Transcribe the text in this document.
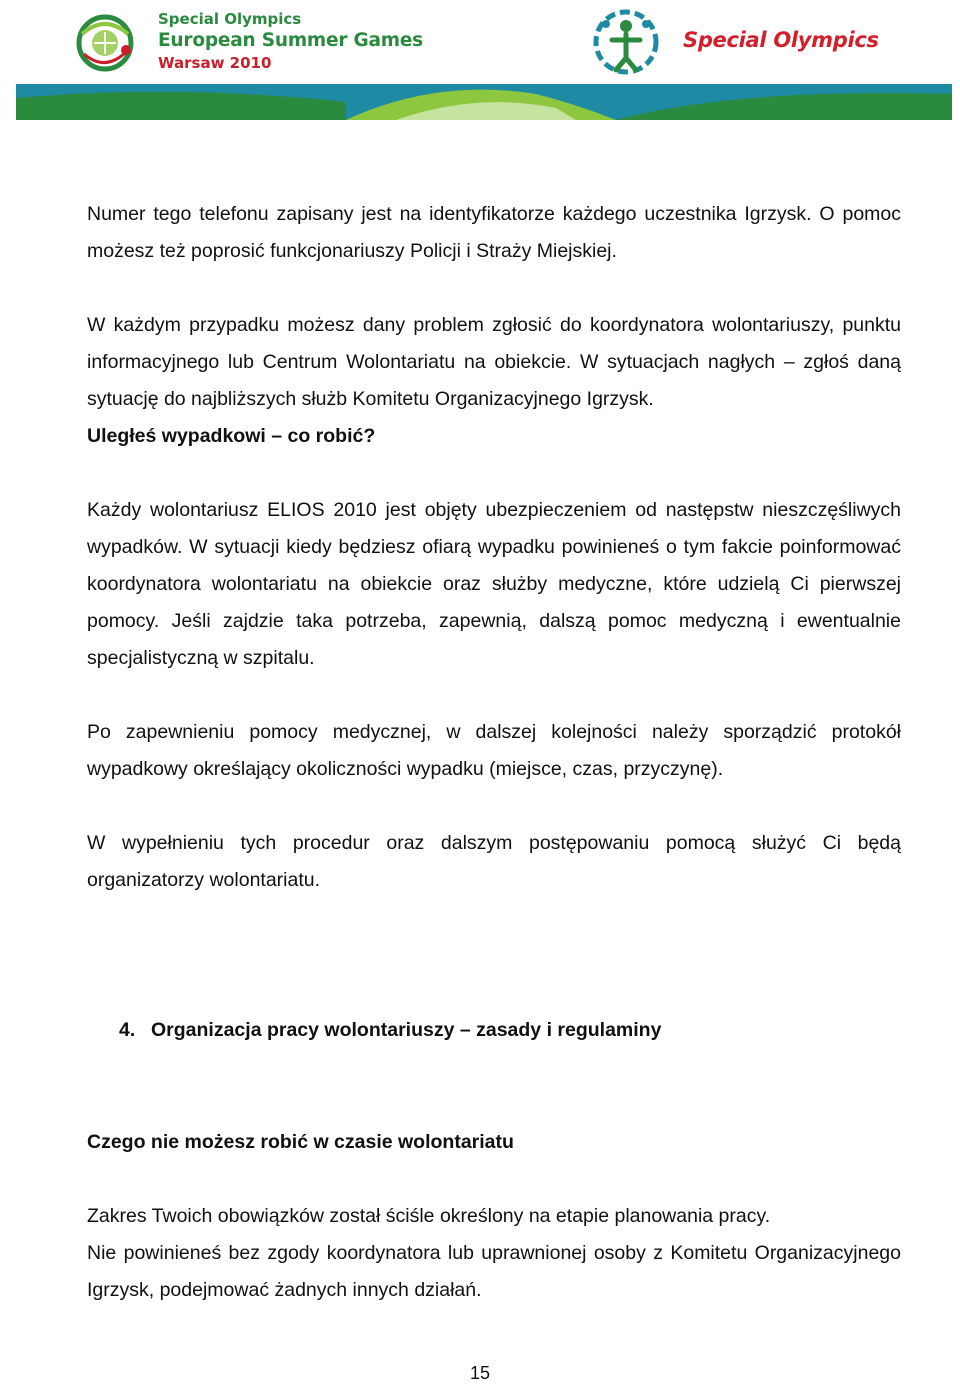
Special Olympics
European Summer Games
Warsaw 2010
Special Olympics

Numer tego telefonu zapisany jest na identyfikatorze każdego uczestnika Igrzysk. O pomoc możesz też poprosić funkcjonariuszy Policji i Straży Miejskiej.

W każdym przypadku możesz dany problem zgłosić do koordynatora wolontariuszy, punktu informacyjnego lub Centrum Wolontariatu na obiekcie. W sytuacjach nagłych – zgłoś daną sytuację do najbliższych służb Komitetu Organizacyjnego Igrzysk.

Uległeś wypadkowi – co robić?

Każdy wolontariusz ELIOS 2010 jest objęty ubezpieczeniem od następstw nieszczęśliwych wypadków. W sytuacji kiedy będziesz ofiarą wypadku powinieneś o tym fakcie poinformować koordynatora wolontariatu na obiekcie oraz służby medyczne, które udzielą Ci pierwszej pomocy. Jeśli zajdzie taka potrzeba, zapewnią, dalszą pomoc medyczną i ewentualnie specjalistyczną w szpitalu.

Po zapewnieniu pomocy medycznej, w dalszej kolejności należy sporządzić protokół wypadkowy określający okoliczności wypadku (miejsce, czas, przyczynę).

W wypełnieniu tych procedur oraz dalszym postępowaniu pomocą służyć Ci będą organizatorzy wolontariatu.

4. Organizacja pracy wolontariuszy – zasady i regulaminy

Czego nie możesz robić w czasie wolontariatu

Zakres Twoich obowiązków został ściśle określony na etapie planowania pracy.

Nie powinieneś bez zgody koordynatora lub uprawnionej osoby z Komitetu Organizacyjnego Igrzysk, podejmować żadnych innych działań.

15
